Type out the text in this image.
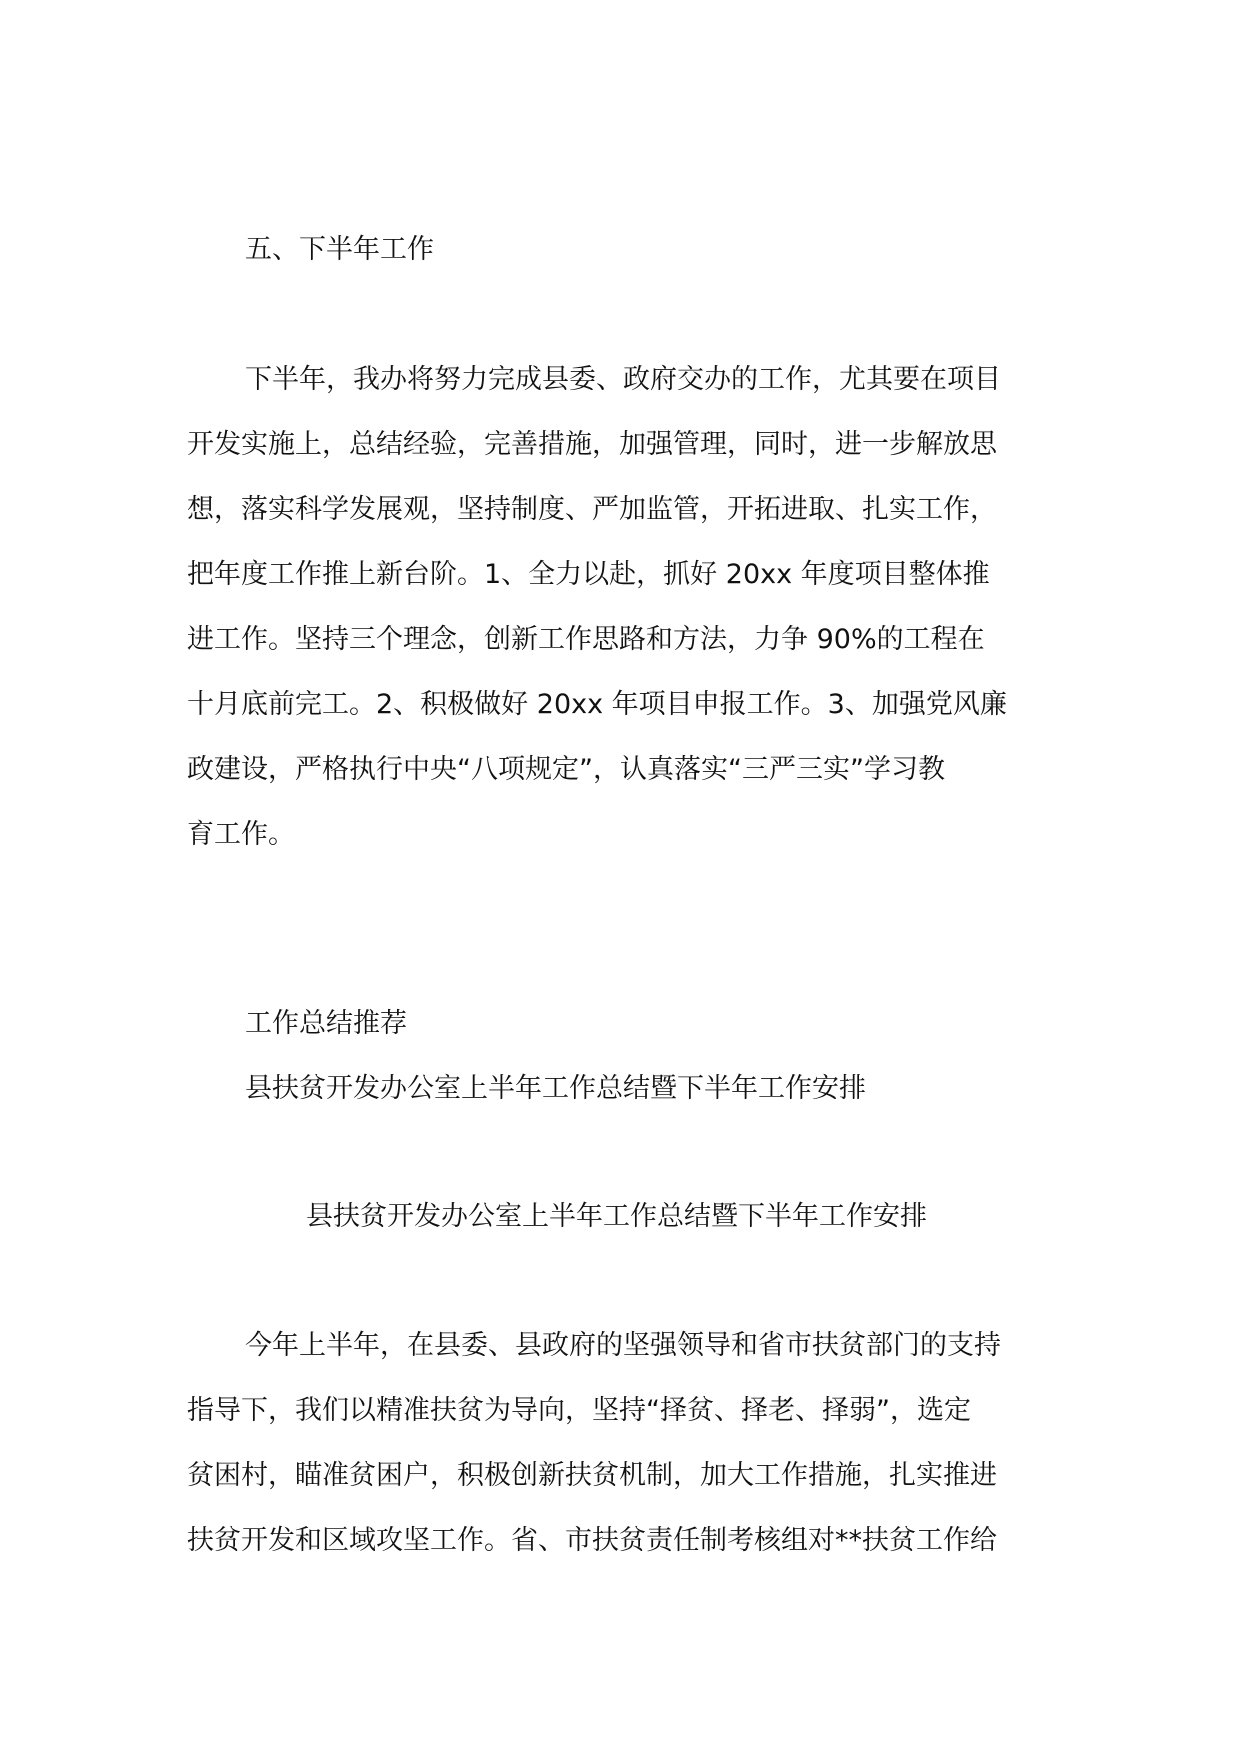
五、下半年工作
下半年，我办将努力完成县委、政府交办的工作，尤其要在项目
开发实施上，总结经验，完善措施，加强管理，同时，进一步解放思
想，落实科学发展观，坚持制度、严加监管，开拓进取、扎实工作，
把年度工作推上新台阶。1、全力以赴，抓好 20xx 年度项目整体推
进工作。坚持三个理念，创新工作思路和方法，力争 90%的工程在
十月底前完工。2、积极做好 20xx 年项目申报工作。3、加强党风廉
政建设，严格执行中央“八项规定”，认真落实“三严三实”学习教
育工作。
工作总结推荐
县扶贫开发办公室上半年工作总结暨下半年工作安排
县扶贫开发办公室上半年工作总结暨下半年工作安排
今年上半年，在县委、县政府的坚强领导和省市扶贫部门的支持
指导下，我们以精准扶贫为导向，坚持“择贫、择老、择弱”，选定
贫困村，瞄准贫困户，积极创新扶贫机制，加大工作措施，扎实推进
扶贫开发和区域攻坚工作。省、市扶贫责任制考核组对**扶贫工作给
